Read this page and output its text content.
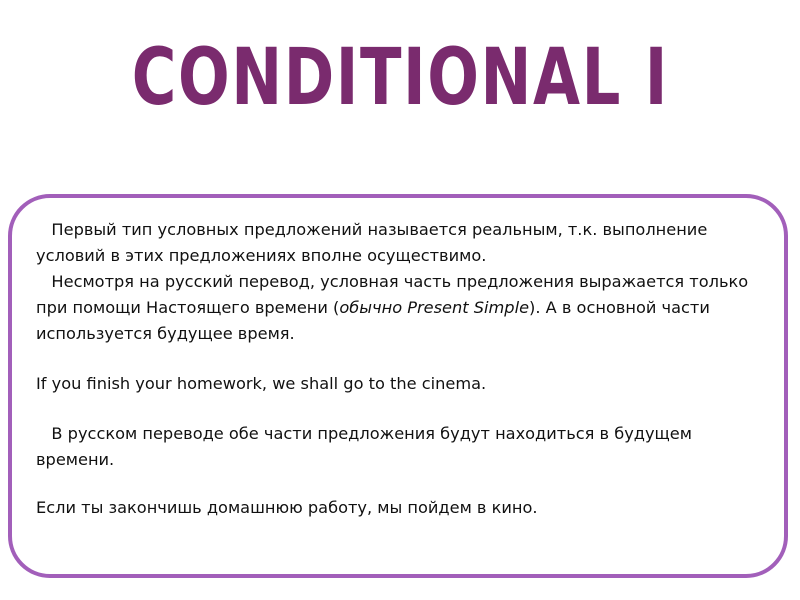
CONDITIONAL I

Первый тип условных предложений называется реальным, т.к. выполнение условий в этих предложениях вполне осуществимо.

Несмотря на русский перевод, условная часть предложения выражается только при помощи Настоящего времени (обычно Present Simple). А в основной части используется будущее время.

If you finish your homework, we shall go to the cinema.

В русском переводе обе части предложения будут находиться в будущем времени.

Если ты закончишь домашнюю работу, мы пойдем в кино.
